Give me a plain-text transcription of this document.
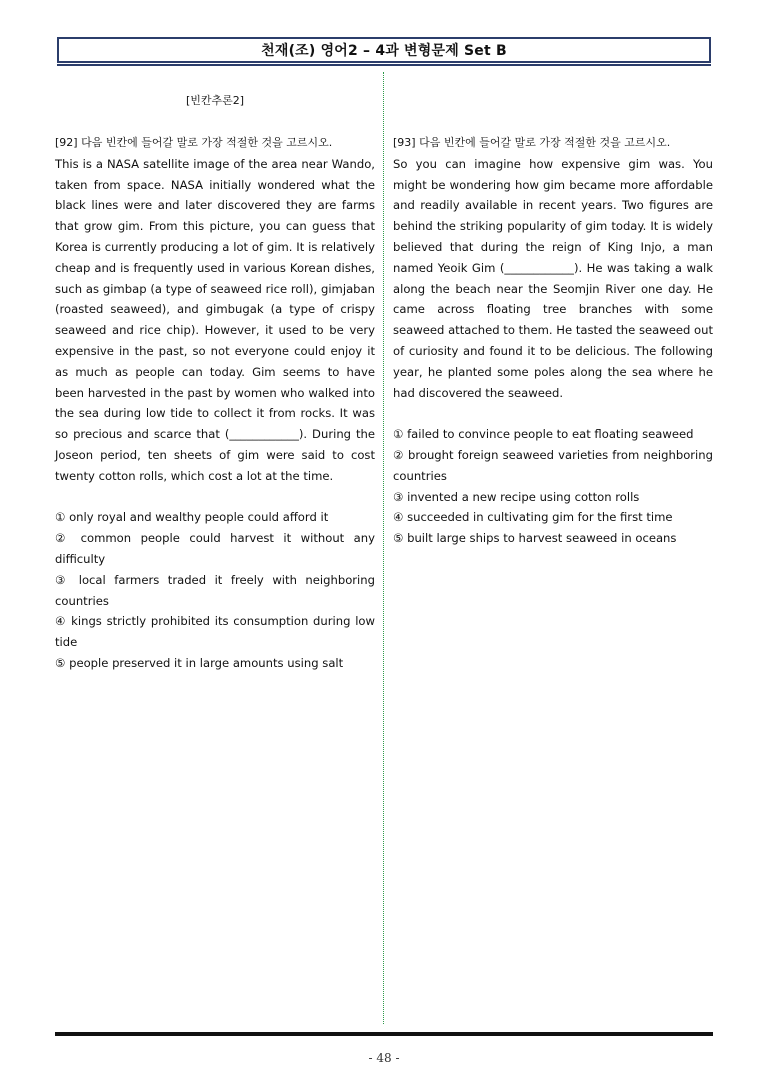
천재(조) 영어2 – 4과 변형문제 Set B
[빈칸추론2]
[92] 다음 빈칸에 들어갈 말로 가장 적절한 것을 고르시오.

This is a NASA satellite image of the area near Wando, taken from space. NASA initially wondered what the black lines were and later discovered they are farms that grow gim. From this picture, you can guess that Korea is currently producing a lot of gim. It is relatively cheap and is frequently used in various Korean dishes, such as gimbap (a type of seaweed rice roll), gimjaban (roasted seaweed), and gimbugak (a type of crispy seaweed and rice chip). However, it used to be very expensive in the past, so not everyone could enjoy it as much as people can today. Gim seems to have been harvested in the past by women who walked into the sea during low tide to collect it from rocks. It was so precious and scarce that (____________). During the Joseon period, ten sheets of gim were said to cost twenty cotton rolls, which cost a lot at the time.

① only royal and wealthy people could afford it
② common people could harvest it without any difficulty
③ local farmers traded it freely with neighboring countries
④ kings strictly prohibited its consumption during low tide
⑤ people preserved it in large amounts using salt
[93] 다음 빈칸에 들어갈 말로 가장 적절한 것을 고르시오.

So you can imagine how expensive gim was. You might be wondering how gim became more affordable and readily available in recent years. Two figures are behind the striking popularity of gim today. It is widely believed that during the reign of King Injo, a man named Yeoik Gim (____________). He was taking a walk along the beach near the Seomjin River one day. He came across floating tree branches with some seaweed attached to them. He tasted the seaweed out of curiosity and found it to be delicious. The following year, he planted some poles along the sea where he had discovered the seaweed.

① failed to convince people to eat floating seaweed
② brought foreign seaweed varieties from neighboring countries
③ invented a new recipe using cotton rolls
④ succeeded in cultivating gim for the first time
⑤ built large ships to harvest seaweed in oceans
- 48 -
